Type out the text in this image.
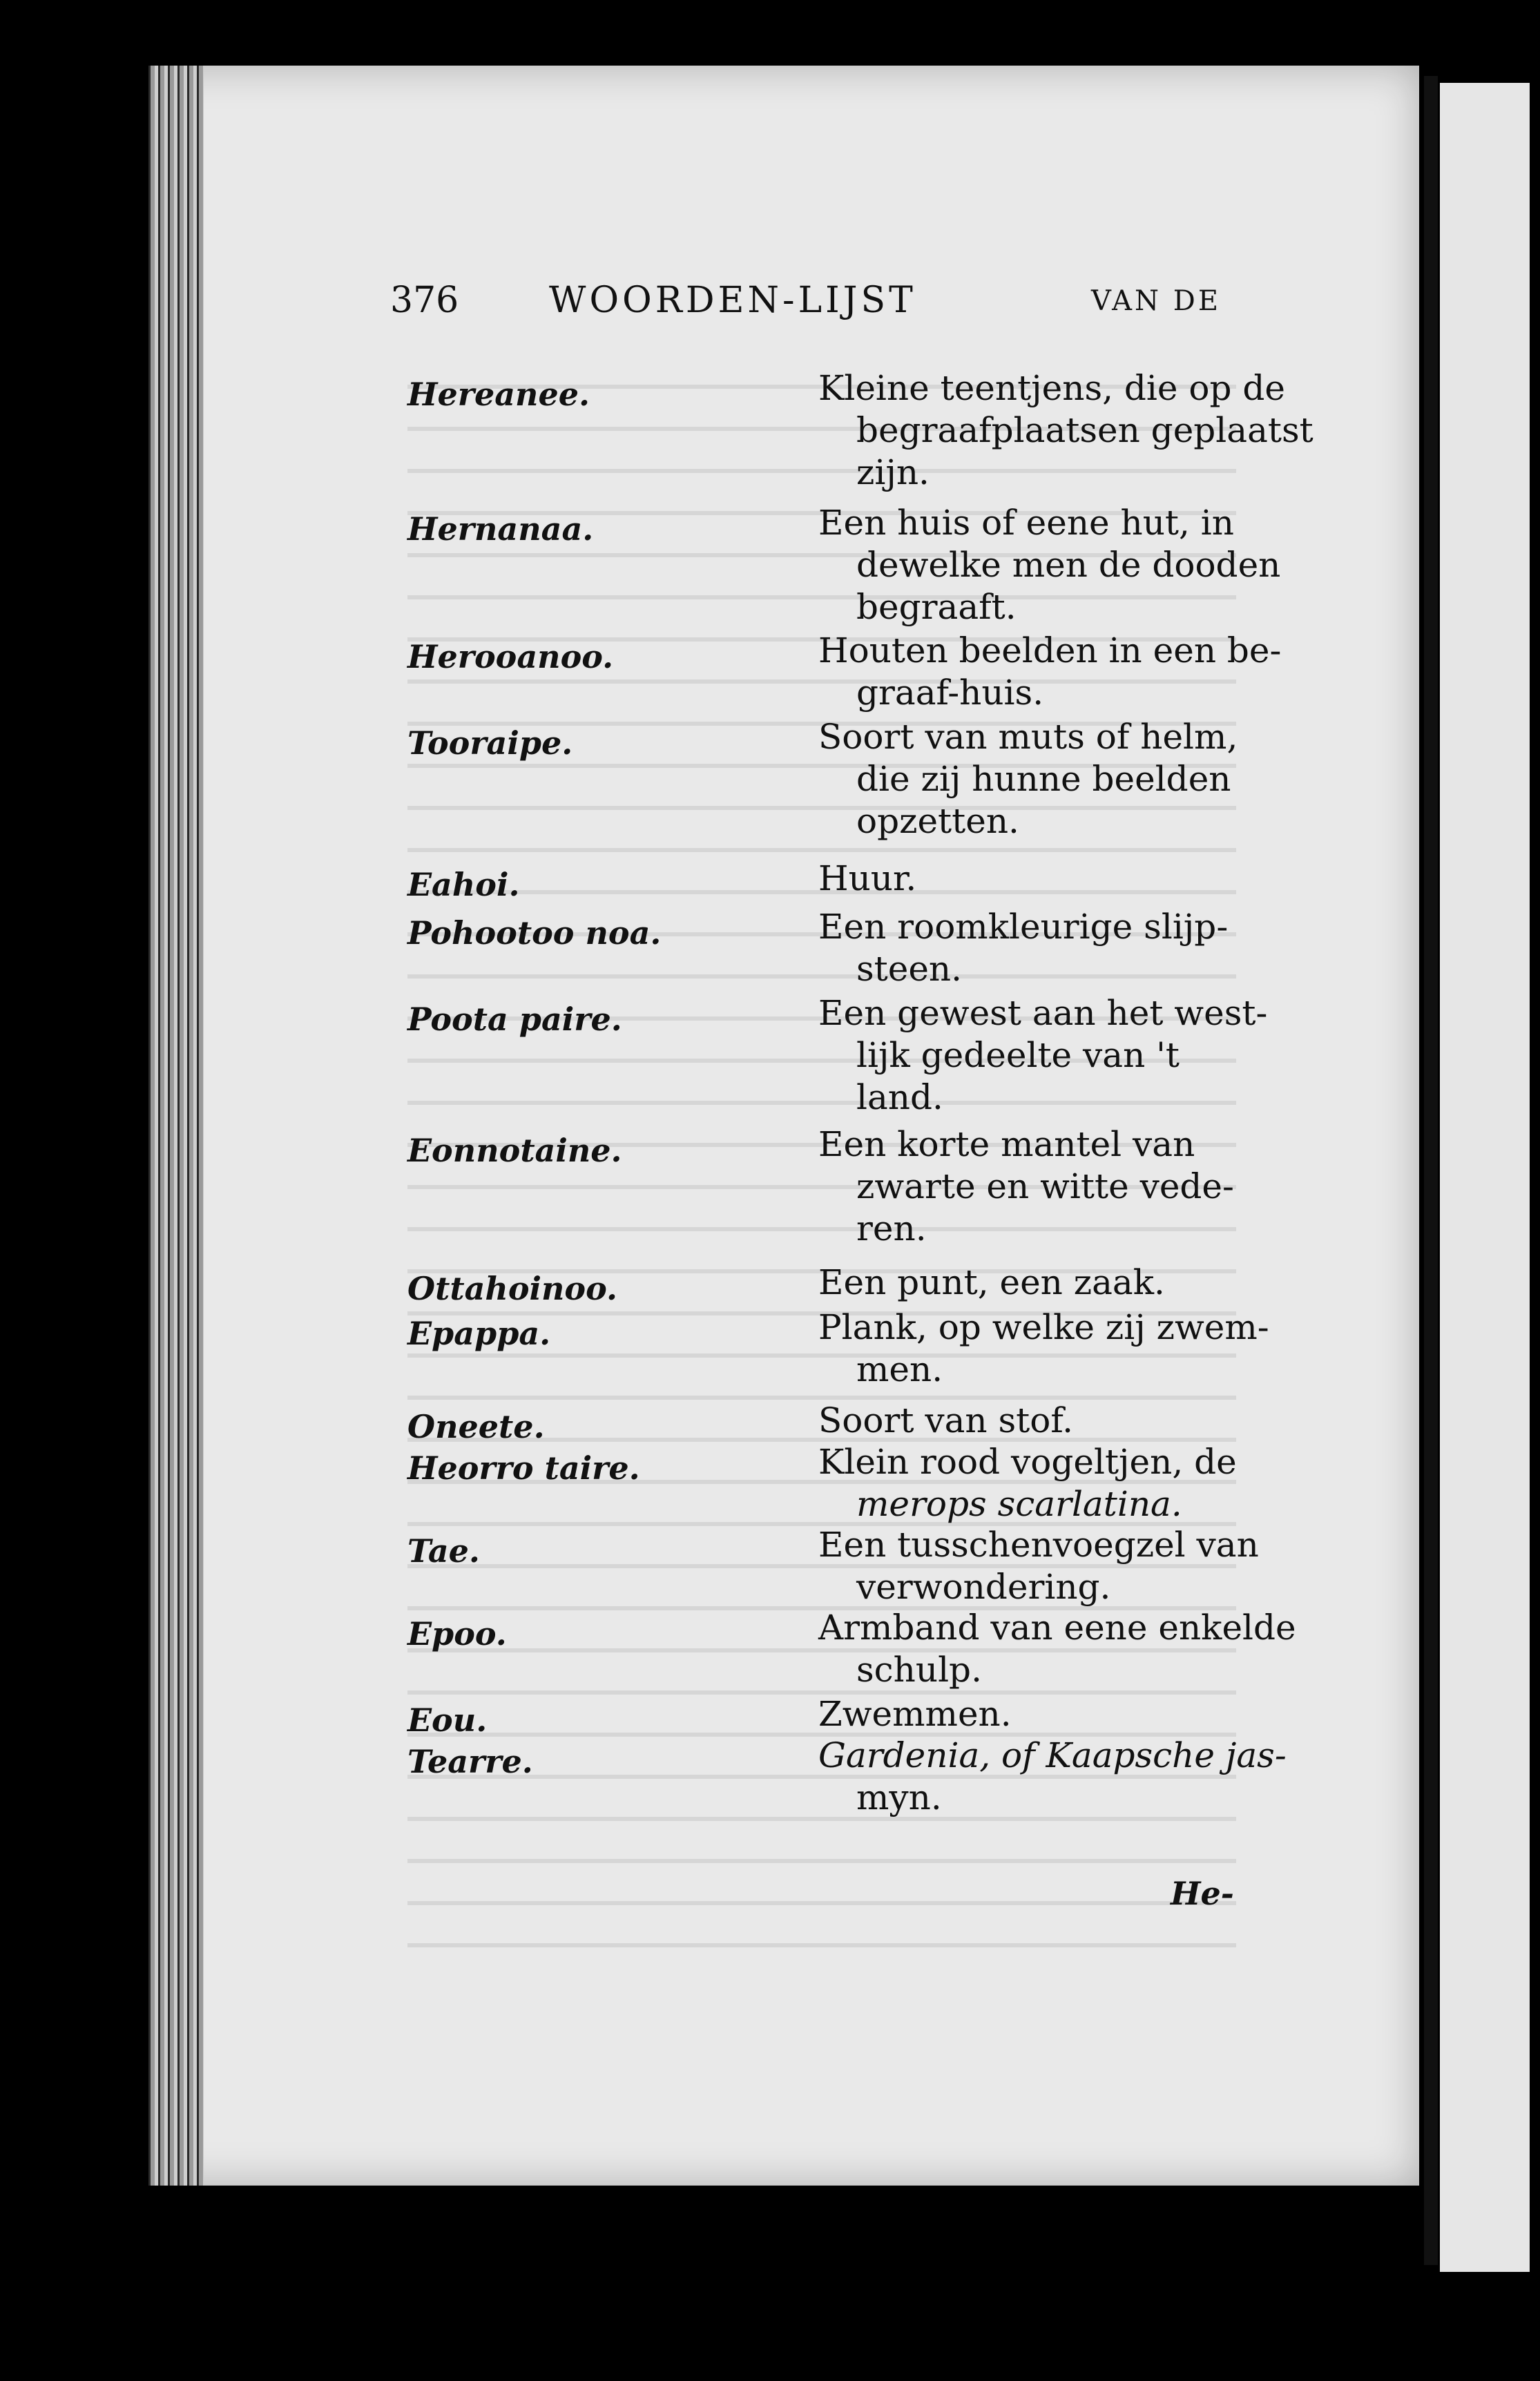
376	WOORDEN-LIJST	VAN DE
Hereanee.	Kleine teentjens, die op de
begraafplaatsen geplaatst
zijn.
Hernanaa.	Een huis of eene hut, in
dewelke men de dooden
begraaft.
Herooanoo.	Houten beelden in een be-
graaf-huis.
Tooraipe.	Soort van muts of helm,
die zij hunne beelden
opzetten.
Eahoi.	Huur.
Pohootoo noa.	Een roomkleurige slijp-
steen.
Poota paire.	Een gewest aan het west-
lijk gedeelte van 't
land.
Eonnotaine.	Een korte mantel van
zwarte en witte vede-
ren.
Ottahoinoo.	Een punt, een zaak.
Epappa.	Plank, op welke zij zwem-
men.
Oneete.	Soort van stof.
Heorro taire.	Klein rood vogeltjen, de
merops scarlatina.
Tae.	Een tusschenvoegzel van
verwondering.
Epoo.	Armband van eene enkelde
schulp.
Eou.	Zwemmen.
Tearre.	Gardenia, of Kaapsche jas-
myn.
He-
